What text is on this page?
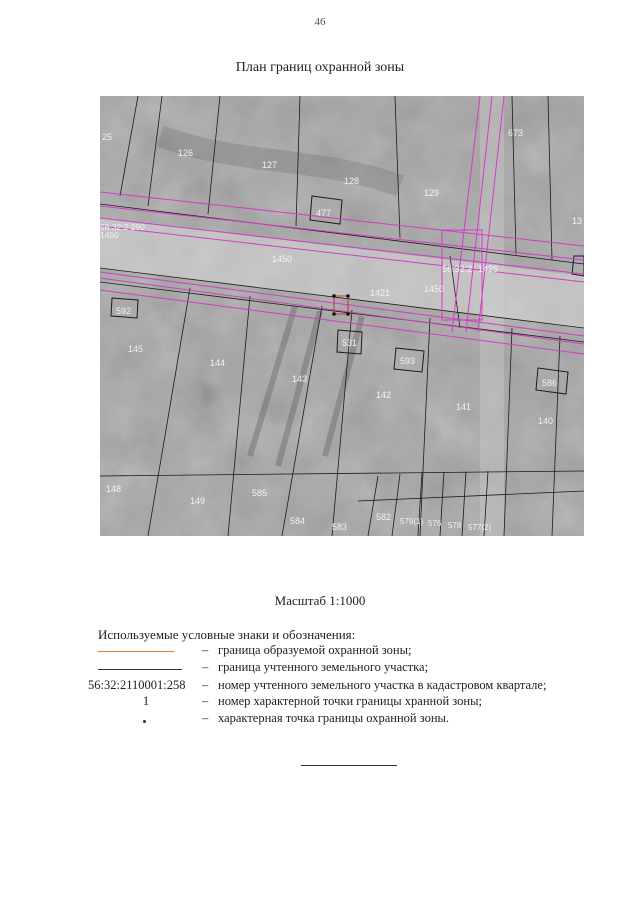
46
План границ охранной зоны
25
126
127
128
129
673
13
477
56:32:2 290
1450
1450
1450
1421
56:32:2 1425
592
145
144
531
143
593
142
141
586
140
148
149
585
584
583
582 579(1) 576 578 577(2)
Масштаб 1:1000
Используемые условные знаки и обозначения:
– граница образуемой охранной зоны;
– граница учтенного земельного участка;
56:32:2110001:258 – номер учтенного земельного участка в кадастровом квартале;
1	– номер характерной точки границы хранной зоны;
– характерная точка границы охранной зоны.
